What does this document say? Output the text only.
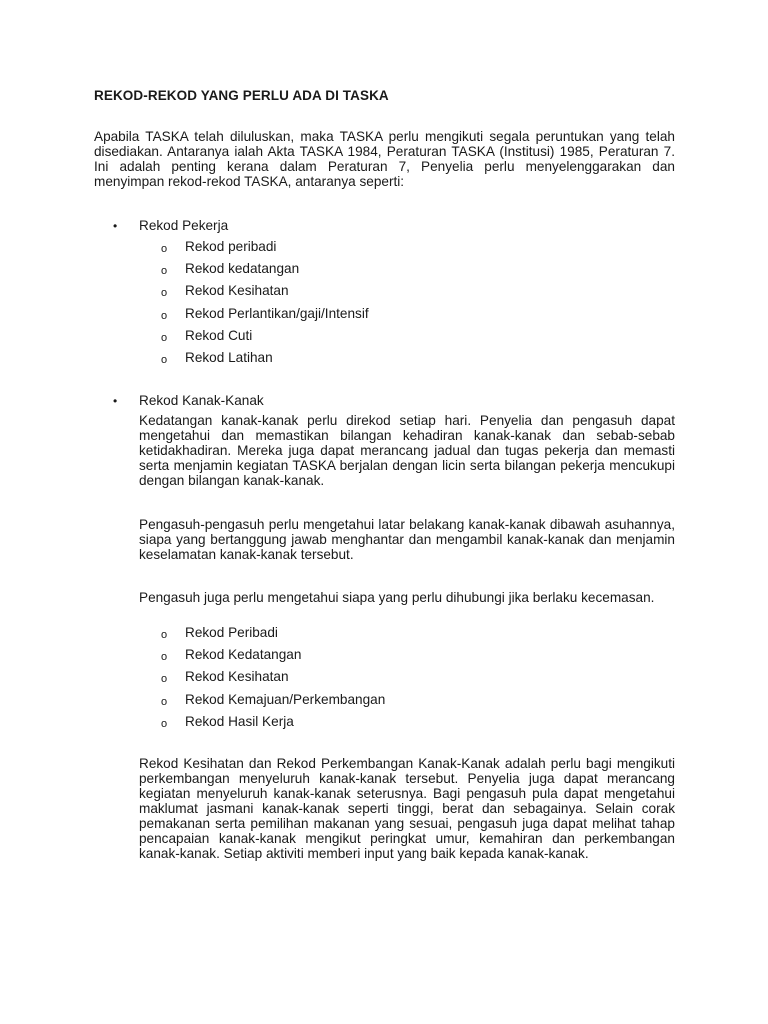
REKOD-REKOD YANG PERLU ADA DI TASKA
Apabila TASKA telah diluluskan, maka TASKA perlu mengikuti segala peruntukan yang telah disediakan. Antaranya ialah Akta TASKA 1984, Peraturan TASKA (Institusi) 1985, Peraturan 7. Ini adalah penting kerana dalam Peraturan 7, Penyelia perlu menyelenggarakan dan menyimpan rekod-rekod TASKA, antaranya seperti:
• Rekod Pekerja
o Rekod peribadi
o Rekod kedatangan
o Rekod Kesihatan
o Rekod Perlantikan/gaji/Intensif
o Rekod Cuti
o Rekod Latihan
• Rekod Kanak-Kanak
Kedatangan kanak-kanak perlu direkod setiap hari. Penyelia dan pengasuh dapat mengetahui dan memastikan bilangan kehadiran kanak-kanak dan sebab-sebab ketidakhadiran. Mereka juga dapat merancang jadual dan tugas pekerja dan memasti serta menjamin kegiatan TASKA berjalan dengan licin serta bilangan pekerja mencukupi dengan bilangan kanak-kanak.
Pengasuh-pengasuh perlu mengetahui latar belakang kanak-kanak dibawah asuhannya, siapa yang bertanggung jawab menghantar dan mengambil kanak-kanak dan menjamin keselamatan kanak-kanak tersebut.
Pengasuh juga perlu mengetahui siapa yang perlu dihubungi jika berlaku kecemasan.
o Rekod Peribadi
o Rekod Kedatangan
o Rekod Kesihatan
o Rekod Kemajuan/Perkembangan
o Rekod Hasil Kerja
Rekod Kesihatan dan Rekod Perkembangan Kanak-Kanak adalah perlu bagi mengikuti perkembangan menyeluruh kanak-kanak tersebut. Penyelia juga dapat merancang kegiatan menyeluruh kanak-kanak seterusnya. Bagi pengasuh pula dapat mengetahui maklumat jasmani kanak-kanak seperti tinggi, berat dan sebagainya. Selain corak pemakanan serta pemilihan makanan yang sesuai, pengasuh juga dapat melihat tahap pencapaian kanak-kanak mengikut peringkat umur, kemahiran dan perkembangan kanak-kanak. Setiap aktiviti memberi input yang baik kepada kanak-kanak.
